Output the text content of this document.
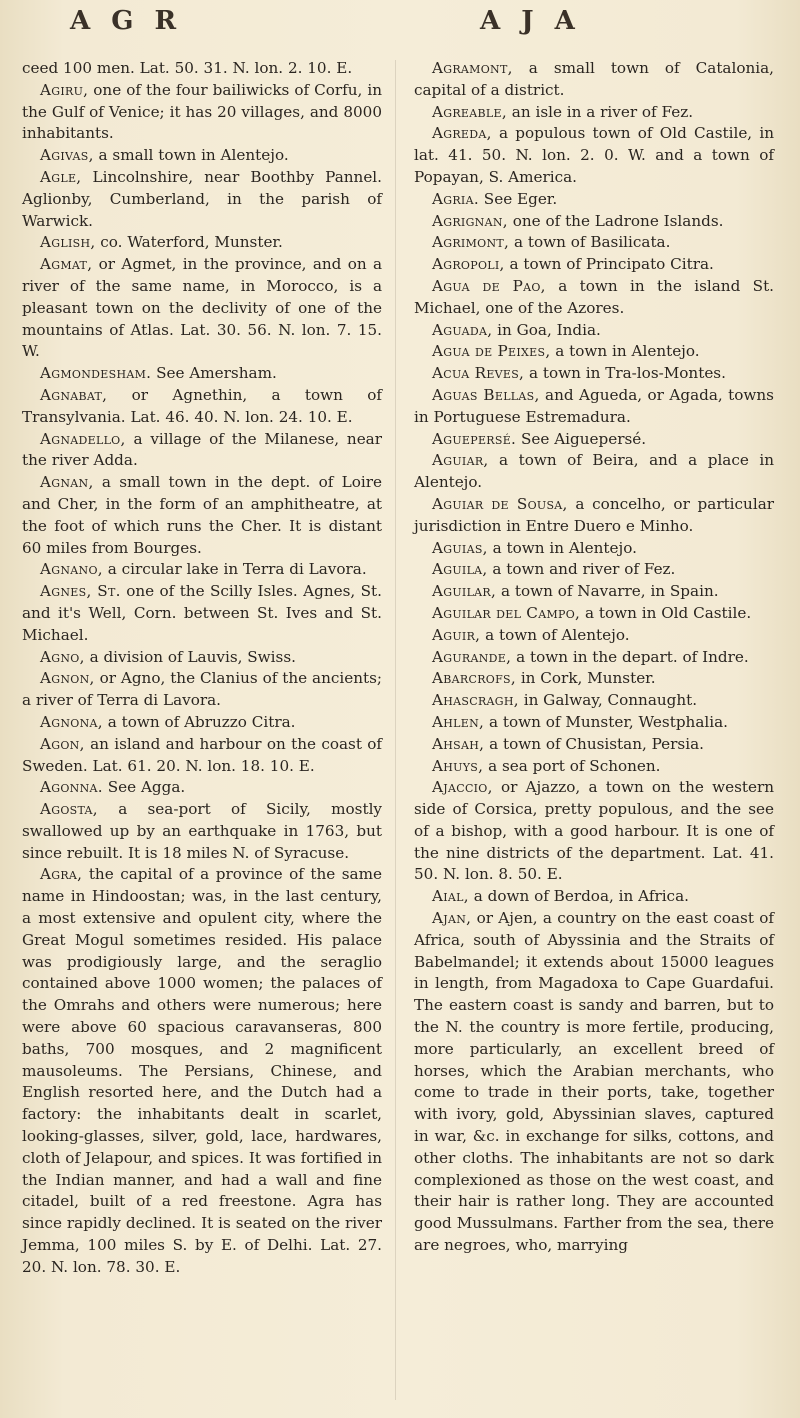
A G R	A J A

ceed 100 men. Lat. 50. 31. N. lon. 2. 10. E.

Agiru, one of the four bailiwicks of Corfu, in the Gulf of Venice; it has 20 villages, and 8000 inhabitants.

Agivas, a small town in Alentejo.

Agle, Lincolnshire, near Boothby Pannel. Aglionby, Cumberland, in the parish of Warwick.

Aglish, co. Waterford, Munster.

Agmat, or Agmet, in the province, and on a river of the same name, in Morocco, is a pleasant town on the declivity of one of the mountains of Atlas. Lat. 30. 56. N. lon. 7. 15. W.

Agmondesham. See Amersham.

Agnabat, or Agnethin, a town of Transylvania. Lat. 46. 40. N. lon. 24. 10. E.

Agnadello, a village of the Milanese, near the river Adda.

Agnan, a small town in the dept. of Loire and Cher, in the form of an amphitheatre, at the foot of which runs the Cher. It is distant 60 miles from Bourges.

Agnano, a circular lake in Terra di Lavora.

Agnes, St. one of the Scilly Isles. Agnes, St. and it's Well, Corn. between St. Ives and St. Michael.

Agno, a division of Lauvis, Swiss.

Agnon, or Agno, the Clanius of the ancients; a river of Terra di Lavora.

Agnona, a town of Abruzzo Citra.

Agon, an island and harbour on the coast of Sweden. Lat. 61. 20. N. lon. 18. 10. E.

Agonna. See Agga.

Agosta, a sea-port of Sicily, mostly swallowed up by an earthquake in 1763, but since rebuilt. It is 18 miles N. of Syracuse.

Agra, the capital of a province of the same name in Hindoostan; was, in the last century, a most extensive and opulent city, where the Great Mogul sometimes resided. His palace was prodigiously large, and the seraglio contained above 1000 women; the palaces of the Omrahs and others were numerous; here were above 60 spacious caravanseras, 800 baths, 700 mosques, and 2 magnificent mausoleums. The Persians, Chinese, and English resorted here, and the Dutch had a factory: the inhabitants dealt in scarlet, looking-glasses, silver, gold, lace, hardwares, cloth of Jelapour, and spices. It was fortified in the Indian manner, and had a wall and fine citadel, built of a red freestone. Agra has since rapidly declined. It is seated on the river Jemma, 100 miles S. by E. of Delhi. Lat. 27. 20. N. lon. 78. 30. E.

Agramont, a small town of Catalonia, capital of a district.

Agreable, an isle in a river of Fez.

Agreda, a populous town of Old Castile, in lat. 41. 50. N. lon. 2. 0. W. and a town of Popayan, S. America.

Agria. See Eger.

Agrignan, one of the Ladrone Islands.

Agrimont, a town of Basilicata.

Agropoli, a town of Principato Citra.

Agua de Pao, a town in the island St. Michael, one of the Azores.

Aguada, in Goa, India.

Agua de Peixes, a town in Alentejo.

Acua Reves, a town in Tra-los-Montes.

Aguas Bellas, and Agueda, or Agada, towns in Portuguese Estremadura.

Aguepersé. See Aiguepersé.

Aguiar, a town of Beira, and a place in Alentejo.

Aguiar de Sousa, a concelho, or particular jurisdiction in Entre Duero e Minho.

Aguias, a town in Alentejo.

Aguila, a town and river of Fez.

Aguilar, a town of Navarre, in Spain.

Aguilar del Campo, a town in Old Castile.

Aguir, a town of Alentejo.

Agurande, a town in the depart. of Indre.

Abarcrofs, in Cork, Munster.

Ahascragh, in Galway, Connaught.

Ahlen, a town of Munster, Westphalia.

Ahsah, a town of Chusistan, Persia.

Ahuys, a sea port of Schonen.

Ajaccio, or Ajazzo, a town on the western side of Corsica, pretty populous, and the see of a bishop, with a good harbour. It is one of the nine districts of the department. Lat. 41. 50. N. lon. 8. 50. E.

Aial, a down of Berdoa, in Africa.

Ajan, or Ajen, a country on the east coast of Africa, south of Abyssinia and the Straits of Babelmandel; it extends about 15000 leagues in length, from Magadoxa to Cape Guardafui. The eastern coast is sandy and barren, but to the N. the country is more fertile, producing, more particularly, an excellent breed of horses, which the Arabian merchants, who come to trade in their ports, take, together with ivory, gold, Abyssinian slaves, captured in war, &c. in exchange for silks, cottons, and other cloths. The inhabitants are not so dark complexioned as those on the west coast, and their hair is rather long. They are accounted good Mussulmans. Farther from the sea, there are negroes, who, marrying
